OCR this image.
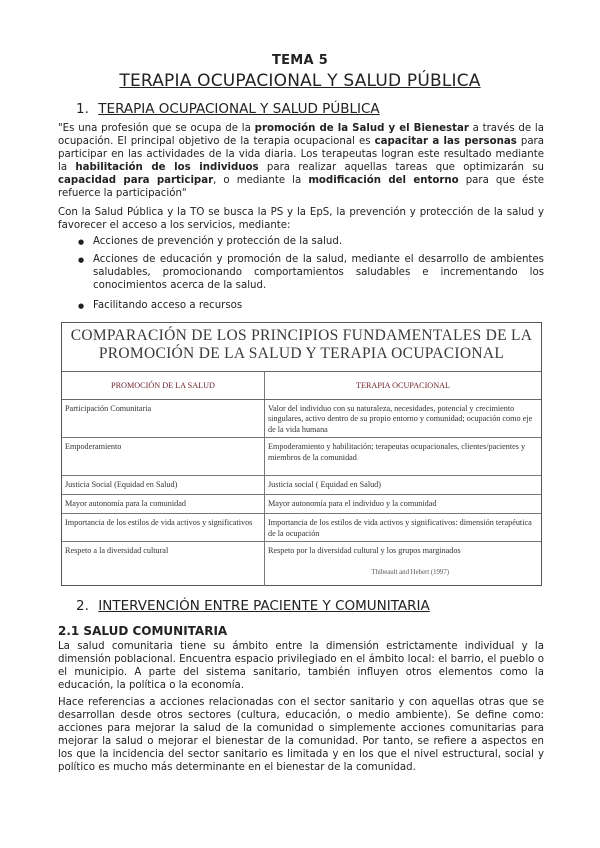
TEMA 5
TERAPIA OCUPACIONAL Y SALUD PÚBLICA
1. TERAPIA OCUPACIONAL Y SALUD PÚBLICA
"Es una profesión que se ocupa de la promoción de la Salud y el Bienestar a través de la ocupación. El principal objetivo de la terapia ocupacional es capacitar a las personas para participar en las actividades de la vida diaria. Los terapeutas logran este resultado mediante la habilitación de los individuos para realizar aquellas tareas que optimizarán su capacidad para participar, o mediante la modificación del entorno para que éste refuerce la participación"
Con la Salud Pública y la TO se busca la PS y la EpS, la prevención y protección de la salud y favorecer el acceso a los servicios, mediante:
● Acciones de prevención y protección de la salud.
● Acciones de educación y promoción de la salud, mediante el desarrollo de ambientes saludables, promocionando comportamientos saludables e incrementando los conocimientos acerca de la salud.
● Facilitando acceso a recursos
COMPARACIÓN DE LOS PRINCIPIOS FUNDAMENTALES DE LA
PROMOCIÓN DE LA SALUD Y TERAPIA OCUPACIONAL
PROMOCIÓN DE LA SALUD	TERAPIA OCUPACIONAL
Participación Comunitaria	Valor del individuo con su naturaleza, necesidades, potencial y crecimiento singulares, activo dentro de su propio entorno y comunidad; ocupación como eje de la vida humana
Empoderamiento	Empoderamiento y habilitación; terapeutas ocupacionales, clientes/pacientes y miembros de la comunidad
Justicia Social (Equidad en Salud)	Justicia social ( Equidad en Salud)
Mayor autonomía para la comunidad	Mayor autonomía para el individuo y la comunidad
Importancia de los estilos de vida activos y significativos	Importancia de los estilos de vida activos y significativos: dimensión terapéutica de la ocupación
Respeto a la diversidad cultural	Respeto por la diversidad cultural y los grupos marginados
Thibeault and Hebert (1997)
2. INTERVENCIÓN ENTRE PACIENTE Y COMUNITARIA
2.1 SALUD COMUNITARIA
La salud comunitaria tiene su ámbito entre la dimensión estrictamente individual y la dimensión poblacional. Encuentra espacio privilegiado en el ámbito local: el barrio, el pueblo o el municipio. A parte del sistema sanitario, también influyen otros elementos como la educación, la política o la economía.
Hace referencias a acciones relacionadas con el sector sanitario y con aquellas otras que se desarrollan desde otros sectores (cultura, educación, o medio ambiente). Se define como: acciones para mejorar la salud de la comunidad o simplemente acciones comunitarias para mejorar la salud o mejorar el bienestar de la comunidad. Por tanto, se refiere a aspectos en los que la incidencia del sector sanitario es limitada y en los que el nivel estructural, social y político es mucho más determinante en el bienestar de la comunidad.
